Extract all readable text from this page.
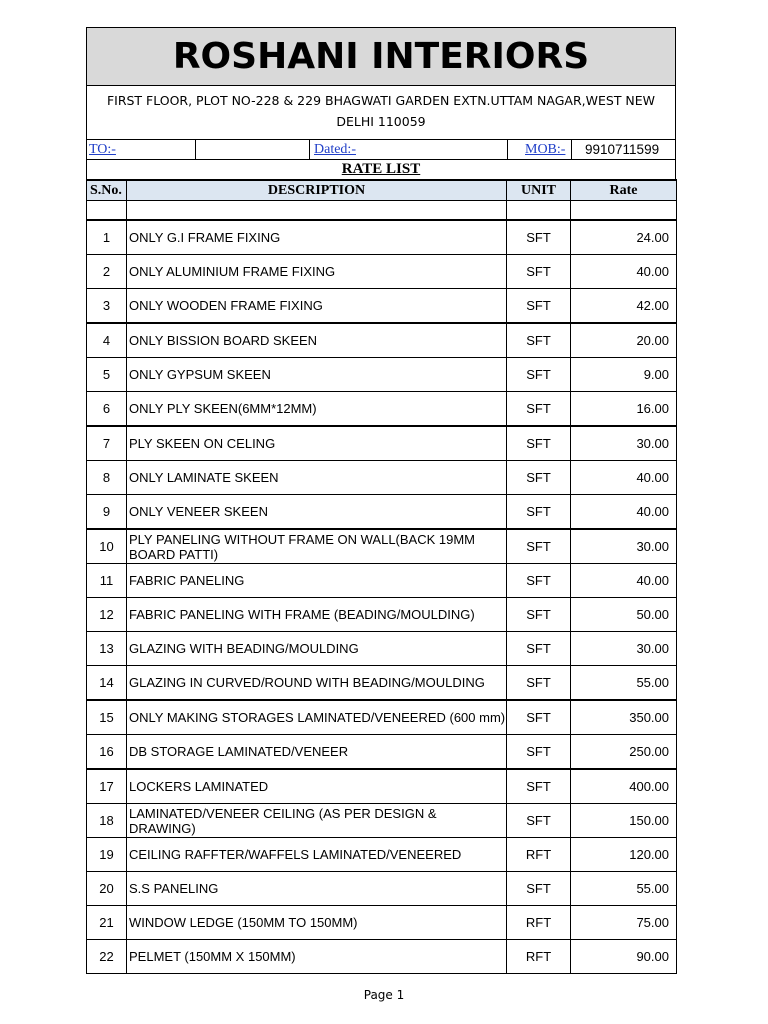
ROSHANI INTERIORS
FIRST FLOOR, PLOT NO-228 & 229 BHAGWATI GARDEN EXTN.UTTAM NAGAR,WEST NEW
DELHI 110059
TO:-	Dated:-	MOB:- 9910711599
RATE LIST
S.No.	DESCRIPTION	UNIT	Rate

1	ONLY G.I FRAME FIXING	SFT	24.00
2	ONLY ALUMINIUM FRAME FIXING	SFT	40.00
3	ONLY WOODEN FRAME FIXING	SFT	42.00
4	ONLY BISSION BOARD SKEEN	SFT	20.00
5	ONLY GYPSUM SKEEN	SFT	9.00
6	ONLY PLY SKEEN(6MM*12MM)	SFT	16.00
7	PLY SKEEN ON CELING	SFT	30.00
8	ONLY LAMINATE SKEEN	SFT	40.00
9	ONLY VENEER SKEEN	SFT	40.00
10	PLY PANELING WITHOUT FRAME ON WALL(BACK 19MM BOARD PATTI)	SFT	30.00
11	FABRIC PANELING	SFT	40.00
12	FABRIC PANELING WITH FRAME (BEADING/MOULDING)	SFT	50.00
13	GLAZING WITH BEADING/MOULDING	SFT	30.00
14	GLAZING IN CURVED/ROUND WITH BEADING/MOULDING	SFT	55.00
15	ONLY MAKING STORAGES LAMINATED/VENEERED (600 mm)	SFT	350.00
16	DB STORAGE LAMINATED/VENEER	SFT	250.00
17	LOCKERS LAMINATED	SFT	400.00
18	LAMINATED/VENEER CEILING (AS PER DESIGN & DRAWING)	SFT	150.00
19	CEILING RAFFTER/WAFFELS LAMINATED/VENEERED	RFT	120.00
20	S.S PANELING	SFT	55.00
21	WINDOW LEDGE (150MM TO 150MM)	RFT	75.00
22	PELMET (150MM X 150MM)	RFT	90.00
Page 1
